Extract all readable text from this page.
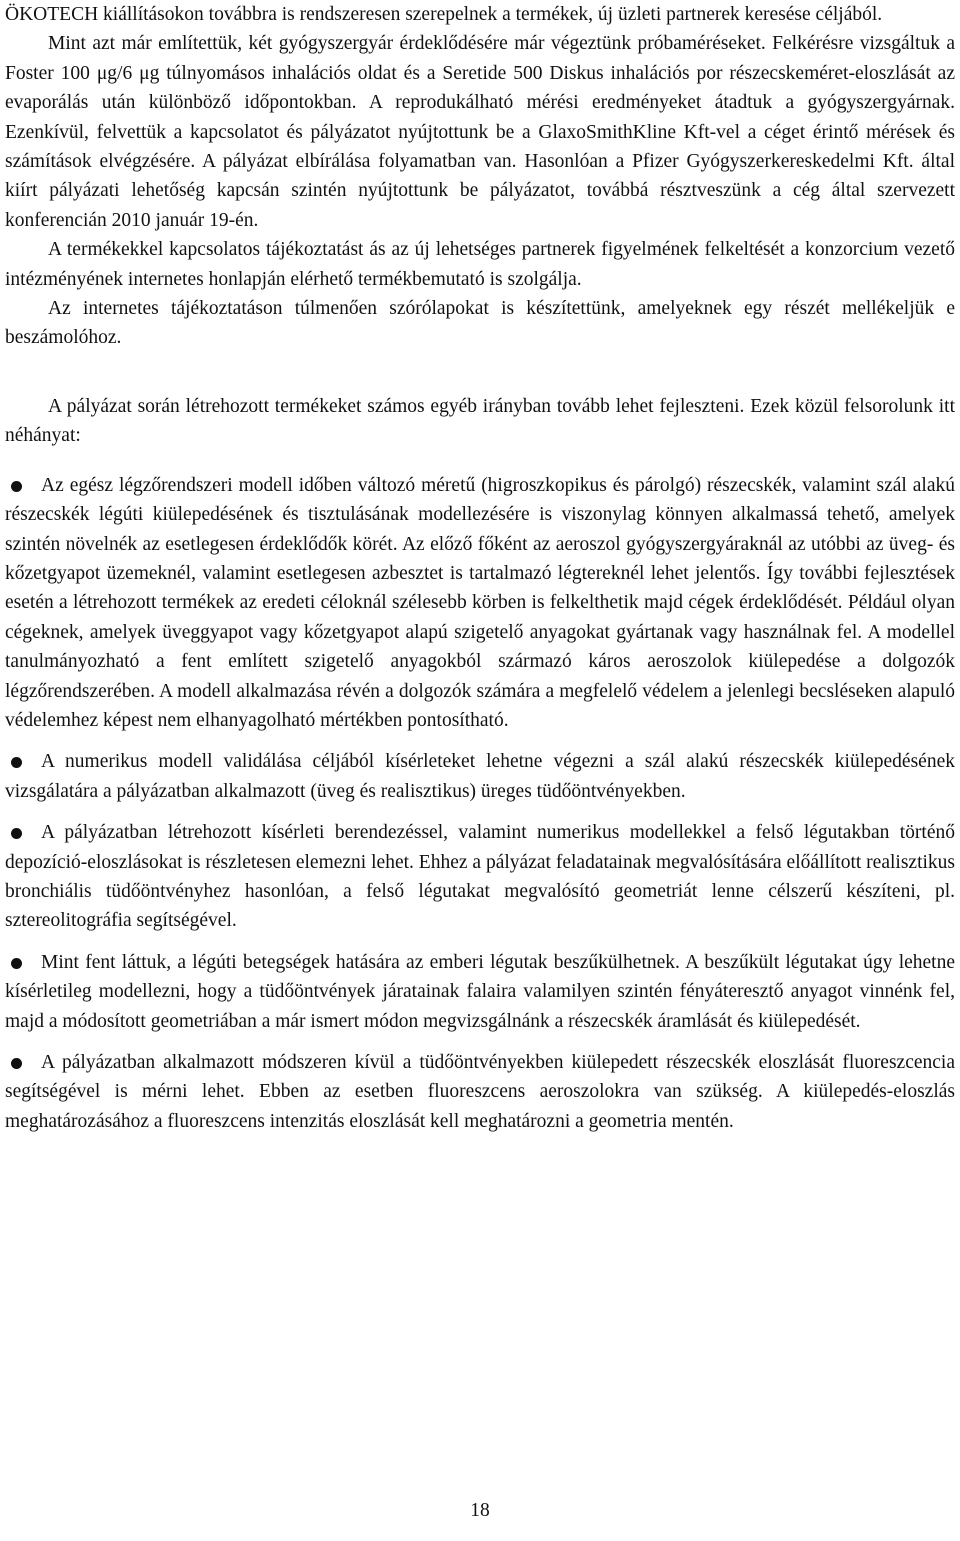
ÖKOTECH kiállításokon továbbra is rendszeresen szerepelnek a termékek, új üzleti partnerek keresése céljából.

Mint azt már említettük, két gyógyszergyár érdeklődésére már végeztünk próbaméréseket. Felkérésre vizsgáltuk a Foster 100 μg/6 μg túlnyomásos inhalációs oldat és a Seretide 500 Diskus inhalációs por részecskeméret-eloszlását az evaporálás után különböző időpontokban. A reprodukálható mérési eredményeket átadtuk a gyógyszergyárnak. Ezenkívül, felvettük a kapcsolatot és pályázatot nyújtottunk be a GlaxoSmithKline Kft-vel a céget érintő mérések és számítások elvégzésére. A pályázat elbírálása folyamatban van. Hasonlóan a Pfizer Gyógyszerkereskedelmi Kft. által kiírt pályázati lehetőség kapcsán szintén nyújtottunk be pályázatot, továbbá résztveszünk a cég által szervezett konferencián 2010 január 19-én.

A termékekkel kapcsolatos tájékoztatást ás az új lehetséges partnerek figyelmének felkeltését a konzorcium vezető intézményének internetes honlapján elérhető termékbemutató is szolgálja.

Az internetes tájékoztatáson túlmenően szórólapokat is készítettünk, amelyeknek egy részét mellékeljük e beszámolóhoz.

A pályázat során létrehozott termékeket számos egyéb irányban tovább lehet fejleszteni. Ezek közül felsorolunk itt néhányat:

Az egész légzőrendszeri modell időben változó méretű (higroszkopikus és párolgó) részecskék, valamint szál alakú részecskék légúti kiülepedésének és tisztulásának modellezésére is viszonylag könnyen alkalmassá tehető, amelyek szintén növelnék az esetlegesen érdeklődők körét. Az előző főként az aeroszol gyógyszergyáraknál az utóbbi az üveg- és kőzetgyapot üzemeknél, valamint esetlegesen azbesztet is tartalmazó légtereknél lehet jelentős. Így további fejlesztések esetén a létrehozott termékek az eredeti céloknál szélesebb körben is felkelthetik majd cégek érdeklődését. Például olyan cégeknek, amelyek üveggyapot vagy kőzetgyapot alapú szigetelő anyagokat gyártanak vagy használnak fel. A modellel tanulmányozható a fent említett szigetelő anyagokból származó káros aeroszolok kiülepedése a dolgozók légzőrendszerében. A modell alkalmazása révén a dolgozók számára a megfelelő védelem a jelenlegi becsléseken alapuló védelemhez képest nem elhanyagolható mértékben pontosítható.
A numerikus modell validálása céljából kísérleteket lehetne végezni a szál alakú részecskék kiülepedésének vizsgálatára a pályázatban alkalmazott (üveg és realisztikus) üreges tüdőöntvényekben.
A pályázatban létrehozott kísérleti berendezéssel, valamint numerikus modellekkel a felső légutakban történő depozíció-eloszlásokat is részletesen elemezni lehet. Ehhez a pályázat feladatainak megvalósítására előállított realisztikus bronchiális tüdőöntvényhez hasonlóan, a felső légutakat megvalósító geometriát lenne célszerű készíteni, pl. sztereolitográfia segítségével.
Mint fent láttuk, a légúti betegségek hatására az emberi légutak beszűkülhetnek. A beszűkült légutakat úgy lehetne kísérletileg modellezni, hogy a tüdőöntvények járatainak falaira valamilyen szintén fényáteresztő anyagot vinnénk fel, majd a módosított geometriában a már ismert módon megvizsgálnánk a részecskék áramlását és kiülepedését.
A pályázatban alkalmazott módszeren kívül a tüdőöntvényekben kiülepedett részecskék eloszlását fluoreszcencia segítségével is mérni lehet. Ebben az esetben fluoreszcens aeroszolokra van szükség. A kiülepedés-eloszlás meghatározásához a fluoreszcens intenzitás eloszlását kell meghatározni a geometria mentén.
18
